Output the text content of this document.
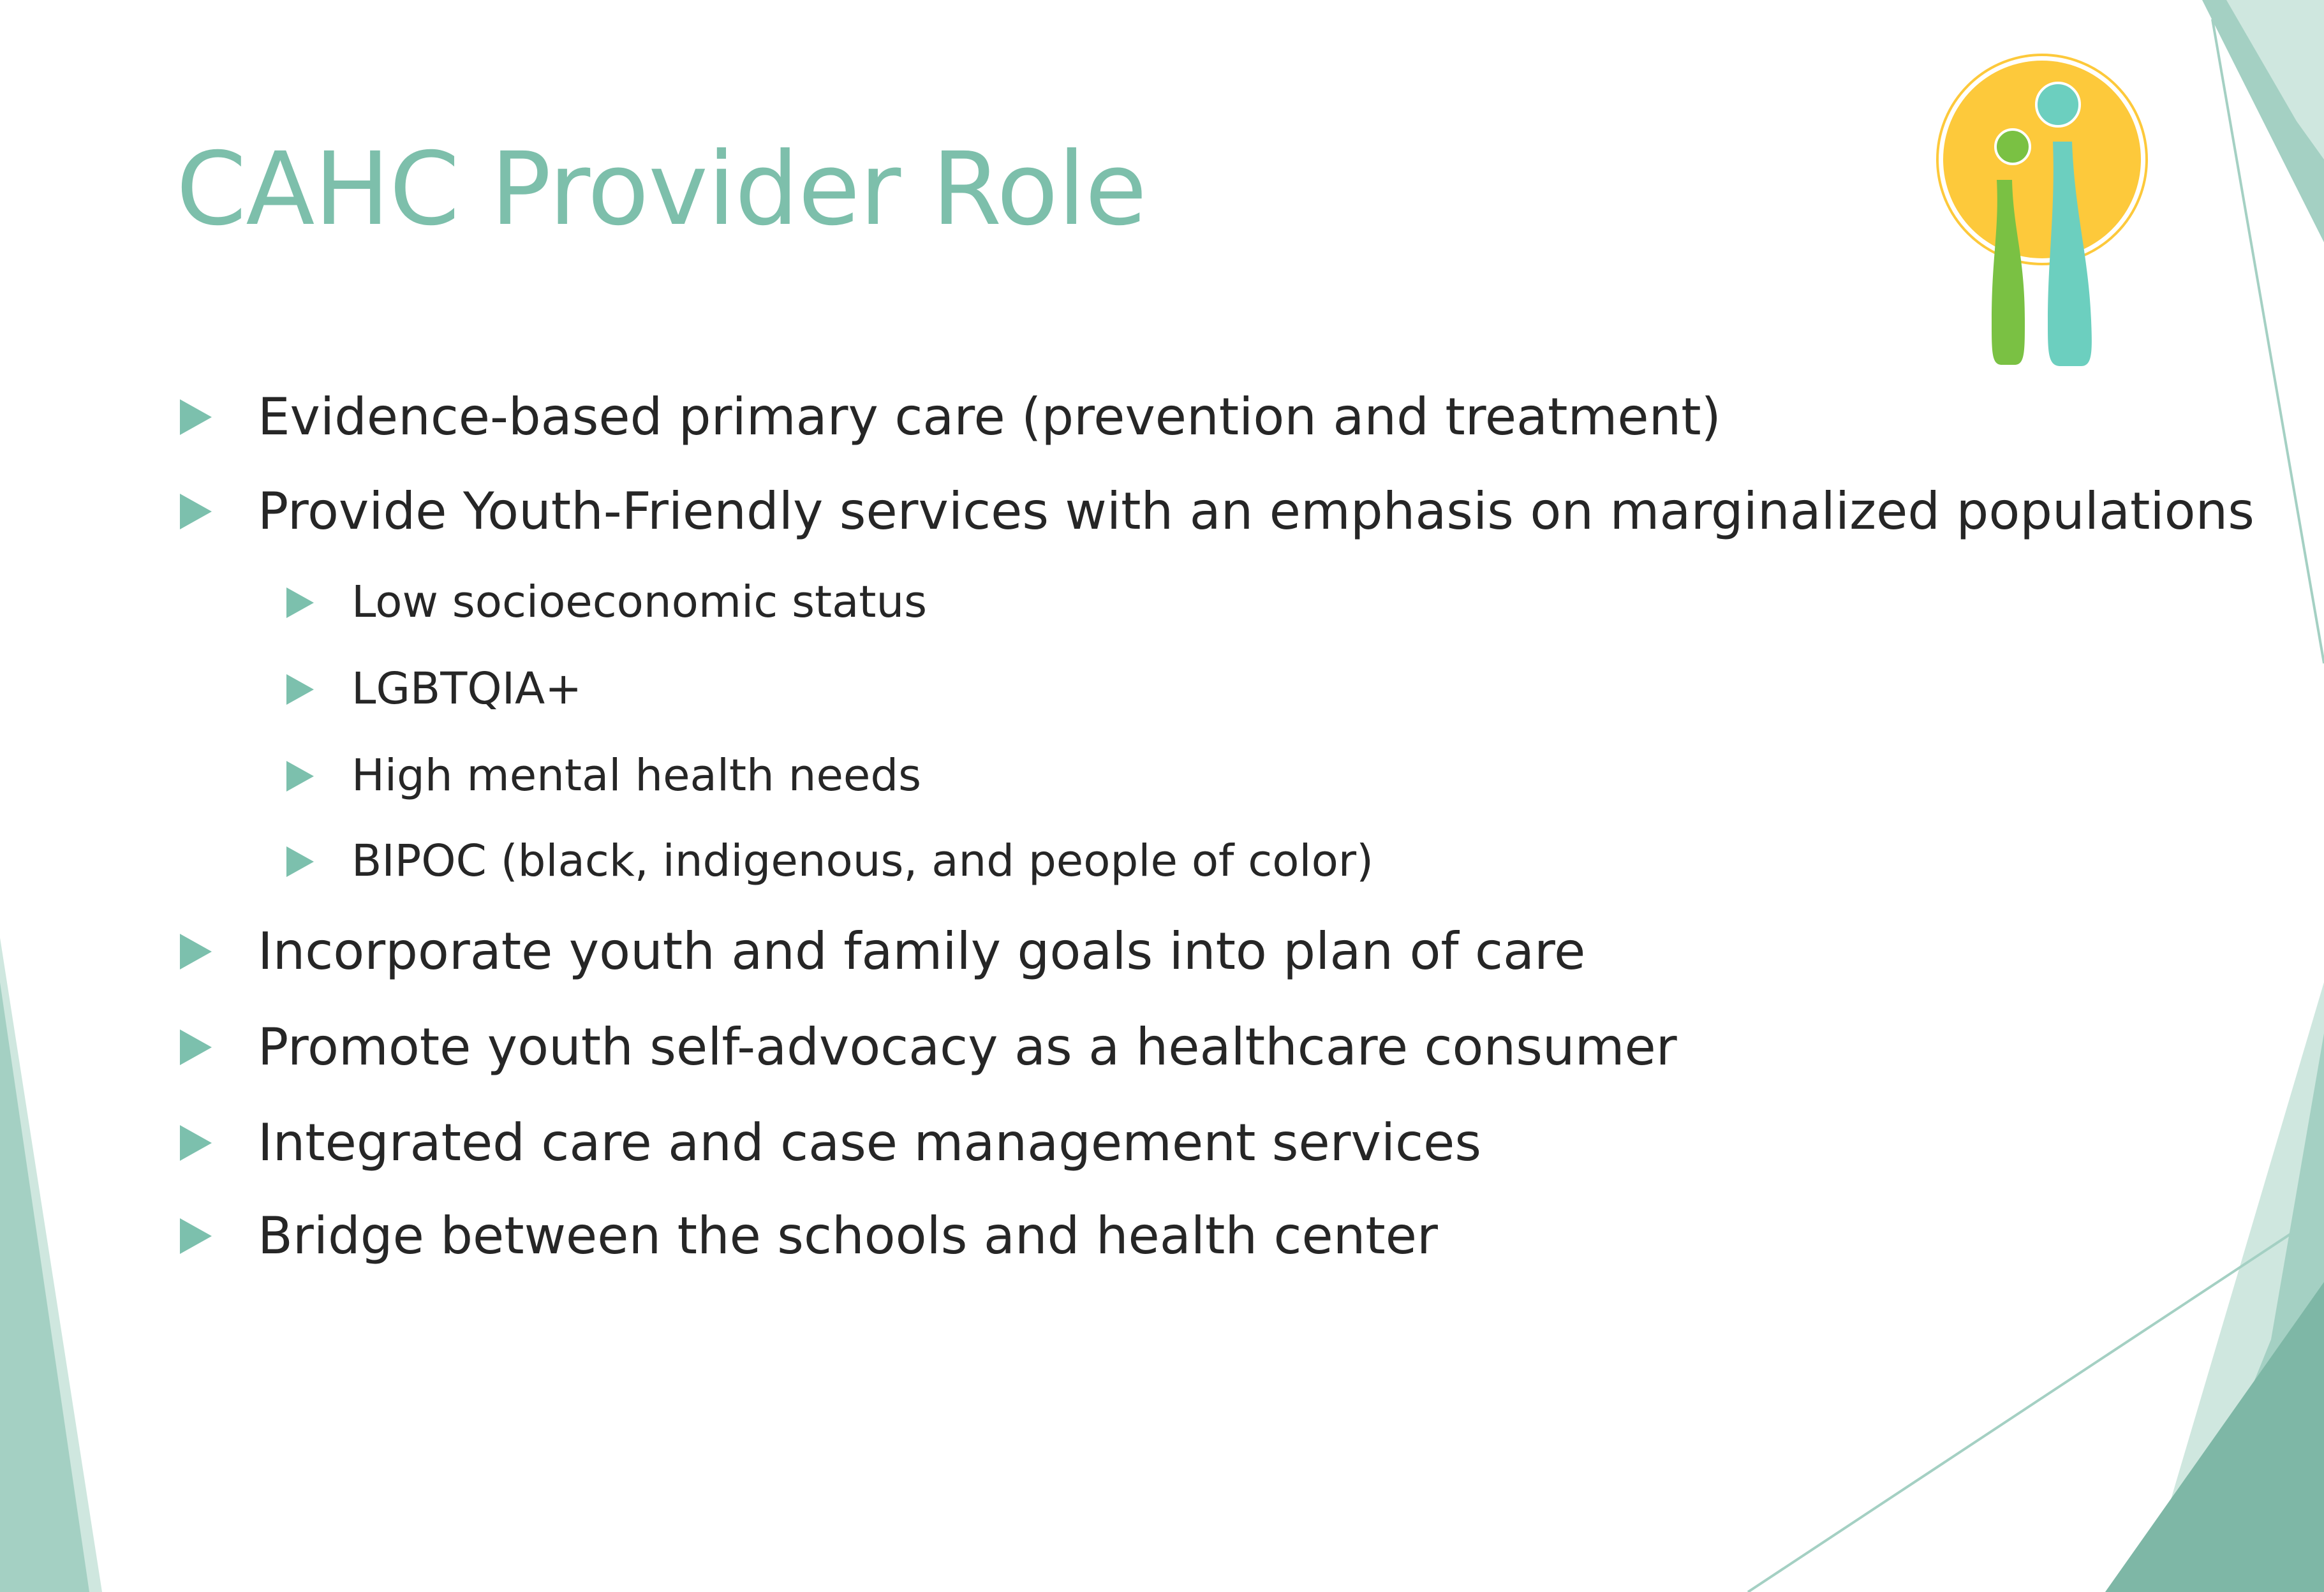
CAHC Provider Role
Evidence-based primary care (prevention and treatment)
Provide Youth-Friendly services with an emphasis on marginalized populations
Low socioeconomic status
LGBTQIA+
High mental health needs
BIPOC (black, indigenous, and people of color)
Incorporate youth and family goals into plan of care
Promote youth self-advocacy as a healthcare consumer
Integrated care and case management services
Bridge between the schools and health center
